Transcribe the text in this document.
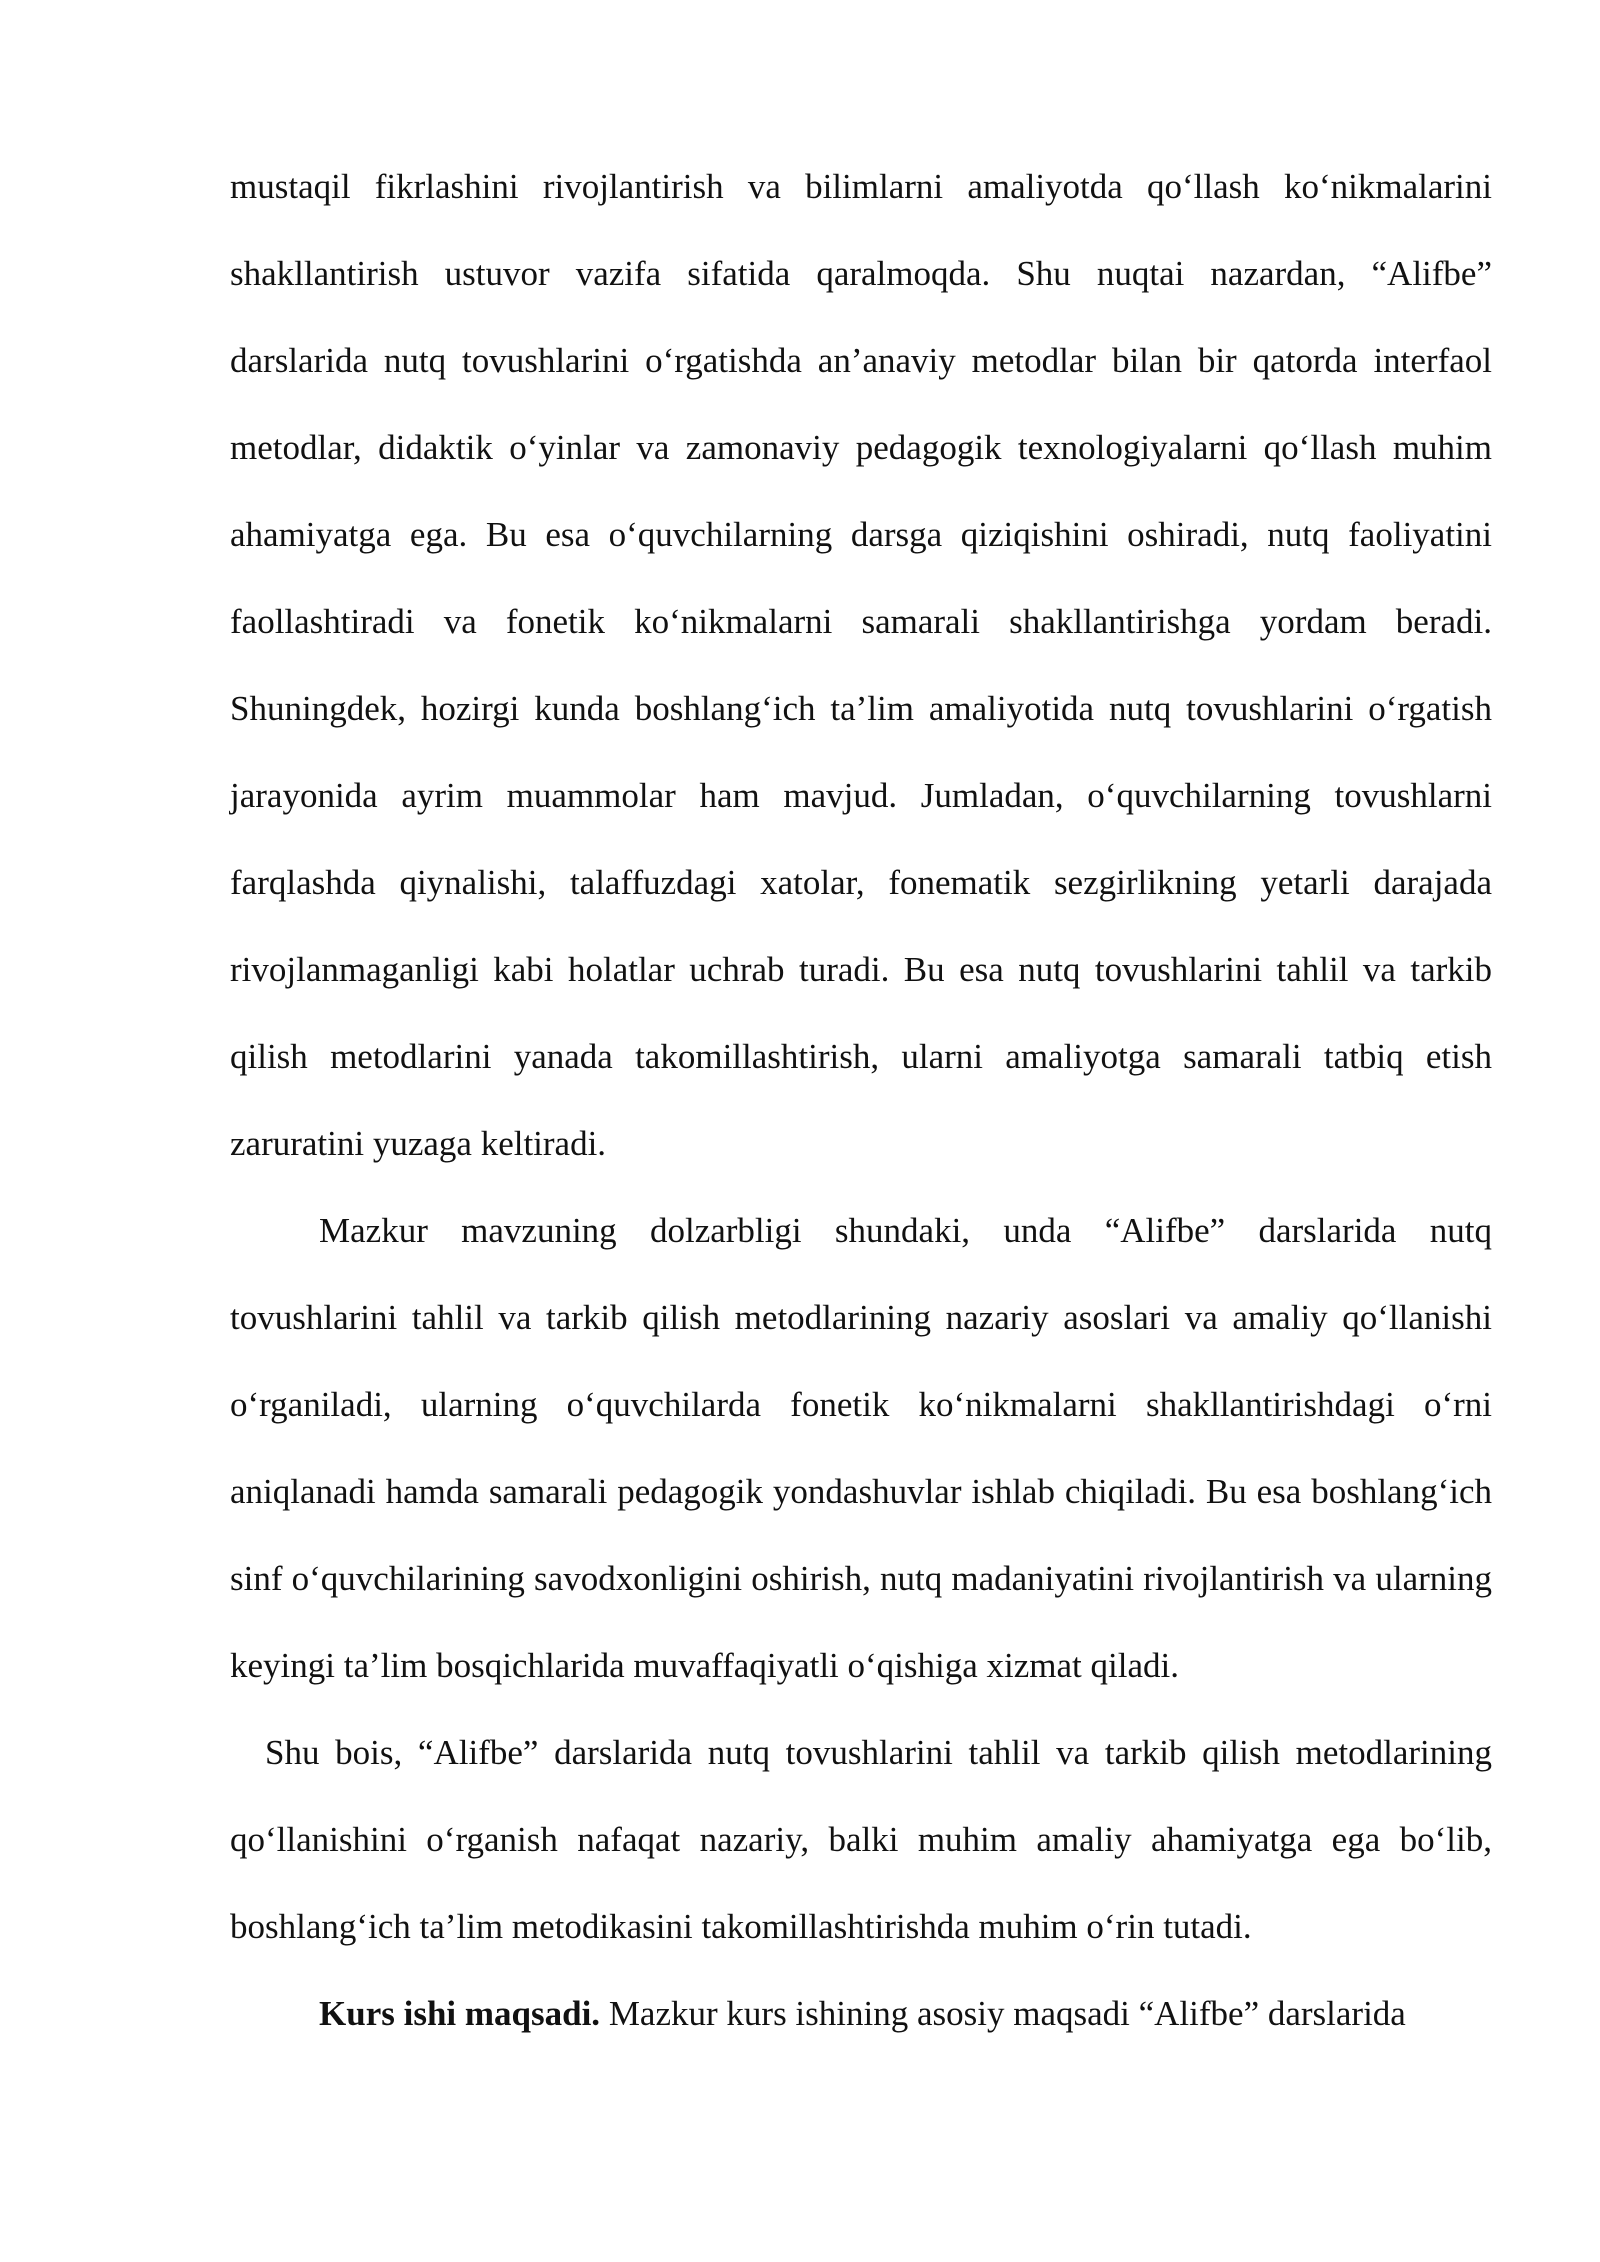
mustaqil fikrlashini rivojlantirish va bilimlarni amaliyotda qo‘llash ko‘nikmalarini shakllantirish ustuvor vazifa sifatida qaralmoqda. Shu nuqtai nazardan, “Alifbe” darslarida nutq tovushlarini o‘rgatishda an’anaviy metodlar bilan bir qatorda interfaol metodlar, didaktik o‘yinlar va zamonaviy pedagogik texnologiyalarni qo‘llash muhim ahamiyatga ega. Bu esa o‘quvchilarning darsga qiziqishini oshiradi, nutq faoliyatini faollashtiradi va fonetik ko‘nikmalarni samarali shakllantirishga yordam beradi. Shuningdek, hozirgi kunda boshlang‘ich ta’lim amaliyotida nutq tovushlarini o‘rgatish jarayonida ayrim muammolar ham mavjud. Jumladan, o‘quvchilarning tovushlarni farqlashda qiynalishi, talaffuzdagi xatolar, fonematik sezgirlikning yetarli darajada rivojlanmaganligi kabi holatlar uchrab turadi. Bu esa nutq tovushlarini tahlil va tarkib qilish metodlarini yanada takomillashtirish, ularni amaliyotga samarali tatbiq etish zaruratini yuzaga keltiradi.

Mazkur mavzuning dolzarbligi shundaki, unda “Alifbe” darslarida nutq tovushlarini tahlil va tarkib qilish metodlarining nazariy asoslari va amaliy qo‘llanishi o‘rganiladi, ularning o‘quvchilarda fonetik ko‘nikmalarni shakllantirishdagi o‘rni aniqlanadi hamda samarali pedagogik yondashuvlar ishlab chiqiladi. Bu esa boshlang‘ich sinf o‘quvchilarining savodxonligini oshirish, nutq madaniyatini rivojlantirish va ularning keyingi ta’lim bosqichlarida muvaffaqiyatli o‘qishiga xizmat qiladi.

Shu bois, “Alifbe” darslarida nutq tovushlarini tahlil va tarkib qilish metodlarining qo‘llanishini o‘rganish nafaqat nazariy, balki muhim amaliy ahamiyatga ega bo‘lib, boshlang‘ich ta’lim metodikasini takomillashtirishda muhim o‘rin tutadi.

Kurs ishi maqsadi. Mazkur kurs ishining asosiy maqsadi “Alifbe” darslarida
